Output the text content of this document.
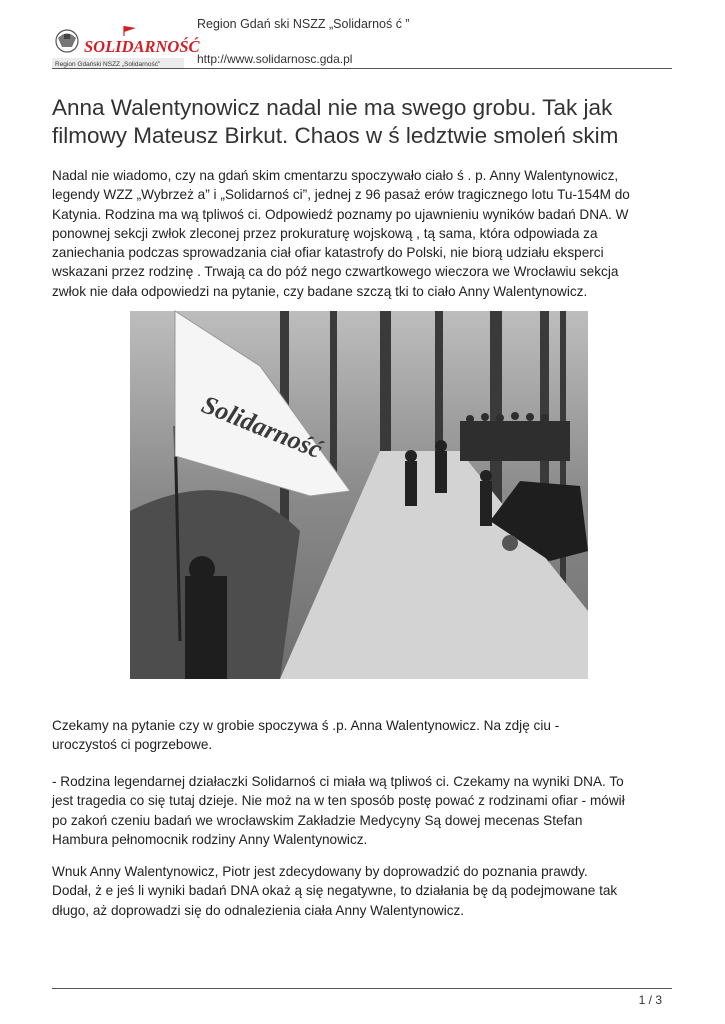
SOLIDARNOŚĆ
Region Gdański NSZZ „Solidarność”
Region Gdań ski NSZZ „Solidarnoś ć ”
http://www.solidarnosc.gda.pl
Anna Walentynowicz nadal nie ma swego grobu. Tak jak
filmowy Mateusz Birkut. Chaos w ś ledztwie smoleń skim

Nadal nie wiadomo, czy na gdań skim cmentarzu spoczywało ciało ś . p. Anny Walentynowicz,
legendy WZZ „Wybrzeż a” i „Solidarnoś ci”, jednej z 96 pasaż erów tragicznego lotu Tu-154M do
Katynia. Rodzina ma wą tpliwoś ci. Odpowiedź poznamy po ujawnieniu wyników badań DNA. W
ponownej sekcji zwłok zleconej przez prokuraturę wojskową , tą sama, która odpowiada za
zaniechania podczas sprowadzania ciał ofiar katastrofy do Polski, nie biorą udziału eksperci
wskazani przez rodzinę . Trwają ca do póź nego czwartkowego wieczora we Wrocławiu sekcja
zwłok nie dała odpowiedzi na pytanie, czy badane szczą tki to ciało Anny Walentynowicz.

Solidarność

Czekamy na pytanie czy w grobie spoczywa ś .p. Anna Walentynowicz. Na zdję ciu -
uroczystoś ci pogrzebowe.

- Rodzina legendarnej działaczki Solidarnoś ci miała wą tpliwoś ci. Czekamy na wyniki DNA. To
jest tragedia co się tutaj dzieje. Nie moż na w ten sposób postę pować z rodzinami ofiar - mówił
po zakoń czeniu badań we wrocławskim Zakładzie Medycyny Są dowej mecenas Stefan
Hambura pełnomocnik rodziny Anny Walentynowicz.

Wnuk Anny Walentynowicz, Piotr jest zdecydowany by doprowadzić do poznania prawdy.
Dodał, ż e jeś li wyniki badań DNA okaż ą się negatywne, to działania bę dą podejmowane tak
długo, aż doprowadzi się do odnalezienia ciała Anny Walentynowicz.

1 / 3
